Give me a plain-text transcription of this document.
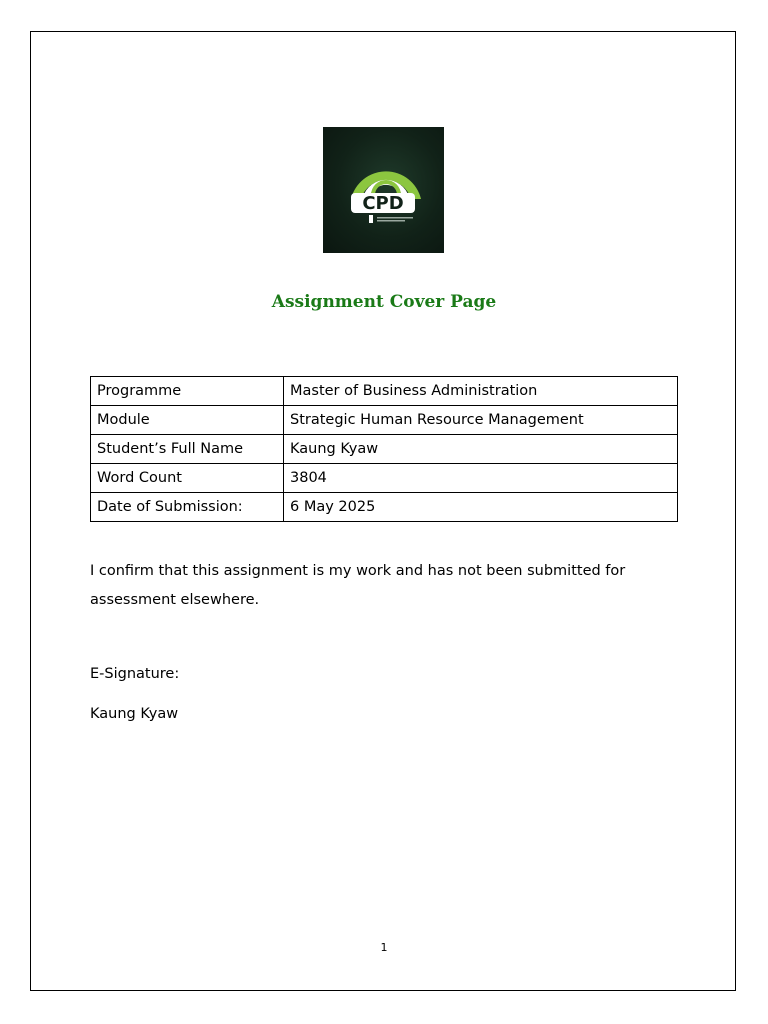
CPD
Assignment Cover Page
Programme	Master of Business Administration
Module	Strategic Human Resource Management
Student’s Full Name	Kaung Kyaw
Word Count	3804
Date of Submission:	6 May 2025

I confirm that this assignment is my work and has not been submitted for assessment elsewhere.

E-Signature:

Kaung Kyaw

1
